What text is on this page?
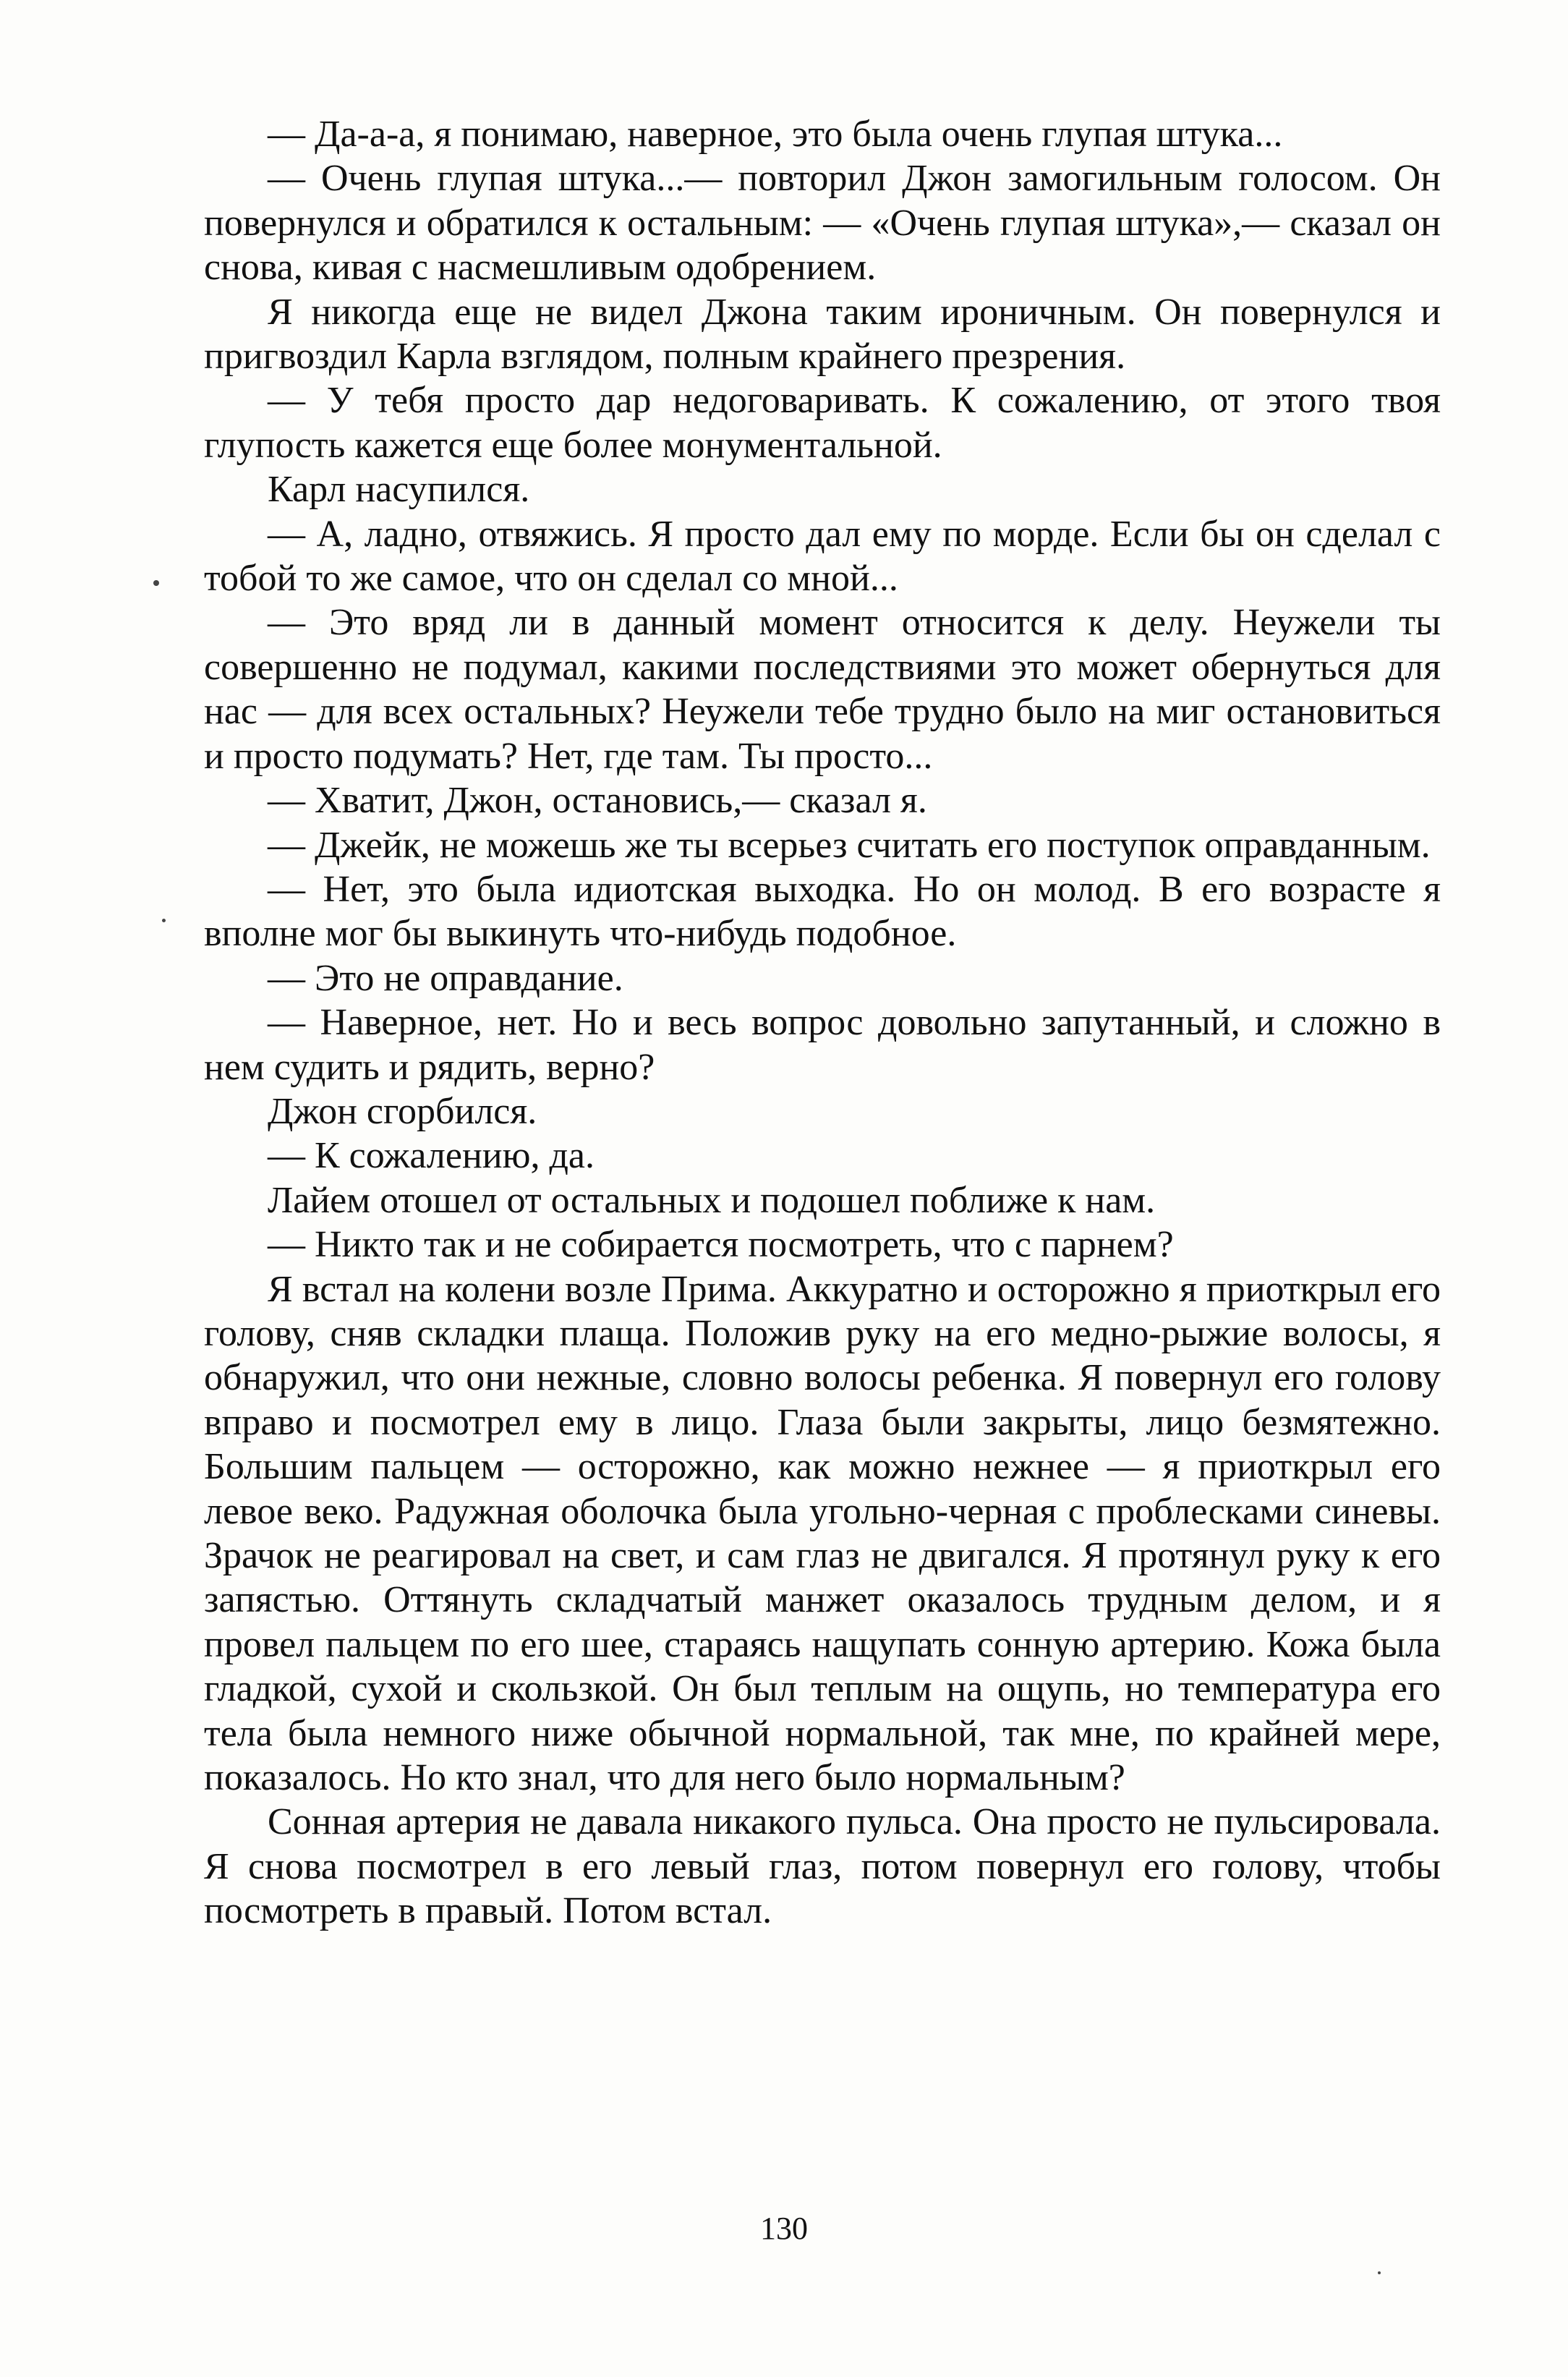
— Да-а-а, я понимаю, наверное, это была очень глупая штука...

— Очень глупая штука...— повторил Джон замогильным голосом. Он повернулся и обратился к остальным: — «Очень глупая штука»,— сказал он снова, кивая с насмешливым одобрением.

Я никогда еще не видел Джона таким ироничным. Он повернулся и пригвоздил Карла взглядом, полным крайнего презрения.

— У тебя просто дар недоговаривать. К сожалению, от этого твоя глупость кажется еще более монументальной.

Карл насупился.

— А, ладно, отвяжись. Я просто дал ему по морде. Если бы он сделал с тобой то же самое, что он сделал со мной...

— Это вряд ли в данный момент относится к делу. Неужели ты совершенно не подумал, какими последствиями это может обернуться для нас — для всех остальных? Неужели тебе трудно было на миг остановиться и просто подумать? Нет, где там. Ты просто...

— Хватит, Джон, остановись,— сказал я.

— Джейк, не можешь же ты всерьез считать его поступок оправданным.

— Нет, это была идиотская выходка. Но он молод. В его возрасте я вполне мог бы выкинуть что-нибудь подобное.

— Это не оправдание.

— Наверное, нет. Но и весь вопрос довольно запутанный, и сложно в нем судить и рядить, верно?

Джон сгорбился.

— К сожалению, да.

Лайем отошел от остальных и подошел поближе к нам.

— Никто так и не собирается посмотреть, что с парнем?

Я встал на колени возле Прима. Аккуратно и осторожно я приоткрыл его голову, сняв складки плаща. Положив руку на его медно-рыжие волосы, я обнаружил, что они нежные, словно волосы ребенка. Я повернул его голову вправо и посмотрел ему в лицо. Глаза были закрыты, лицо безмятежно. Большим пальцем — осторожно, как можно нежнее — я приоткрыл его левое веко. Радужная оболочка была угольно-черная с проблесками синевы. Зрачок не реагировал на свет, и сам глаз не двигался. Я протянул руку к его запястью. Оттянуть складчатый манжет оказалось трудным делом, и я провел пальцем по его шее, стараясь нащупать сонную артерию. Кожа была гладкой, сухой и скользкой. Он был теплым на ощупь, но температура его тела была немного ниже обычной нормальной, так мне, по крайней мере, показалось. Но кто знал, что для него было нормальным?

Сонная артерия не давала никакого пульса. Она просто не пульсировала. Я снова посмотрел в его левый глаз, потом повернул его голову, чтобы посмотреть в правый. Потом встал.

130
